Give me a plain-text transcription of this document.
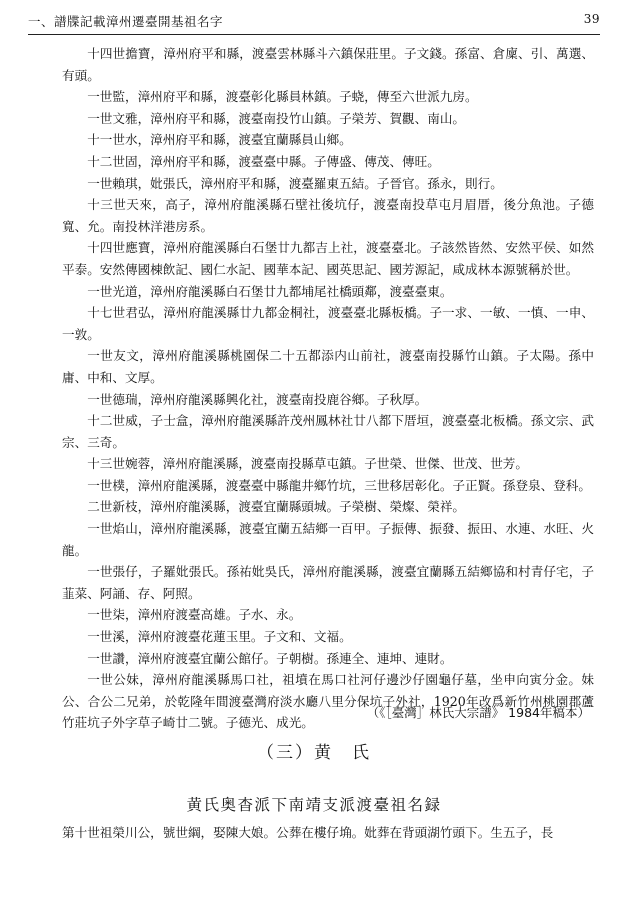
一、譜牒記載漳州遷臺開基祖名字	39

十四世擔寶，漳州府平和縣，渡臺雲林縣斗六鎮保莊里。子文錢。孫富、倉廩、引、萬選、有頭。

一世監，漳州府平和縣，渡臺彰化縣員林鎮。子蛲，傳至六世派九房。

一世文雅，漳州府平和縣，渡臺南投竹山鎮。子榮芳、賀觀、南山。

十一世水，漳州府平和縣，渡臺宜蘭縣員山鄉。

十二世固，漳州府平和縣，渡臺臺中縣。子傳盛、傳茂、傳旺。

一世賴琪，妣張氏，漳州府平和縣，渡臺羅東五結。子晉官。孫永，則行。

十三世天來，高子，漳州府龍溪縣石壁社後坑仔，渡臺南投草屯月眉厝，後分魚池。子德寬、允。南投林洋港房系。

十四世應寶，漳州府龍溪縣白石堡廿九都吉上社，渡臺臺北。子該然皆然、安然平侯、如然平泰。安然傳國棟飲記、國仁水記、國華本記、國英思記、國芳源記，咸成林本源號稱於世。

一世光道，漳州府龍溪縣白石堡廿九都埔尾社橋頭鄰，渡臺臺東。

十七世君弘，漳州府龍溪縣廿九都金桐社，渡臺臺北縣板橋。子一求、一敏、一慎、一申、一敦。

一世友文，漳州府龍溪縣桃園保二十五都添内山前社，渡臺南投縣竹山鎮。子太陽。孫中庸、中和、文厚。

一世德瑞，漳州府龍溪縣興化社，渡臺南投鹿谷鄉。子秋厚。

十二世威，子士盒，漳州府龍溪縣許茂州鳳林社廿八都下厝垣，渡臺臺北板橋。孫文宗、武宗、三奇。

十三世婉蓉，漳州府龍溪縣，渡臺南投縣草屯鎮。子世榮、世傑、世茂、世芳。

一世樸，漳州府龍溪縣，渡臺臺中縣龍井鄉竹坑，三世移居彰化。子正賢。孫登泉、登科。

二世新枝，漳州府龍溪縣，渡臺宜蘭縣頭城。子榮樹、榮燦、榮祥。

一世焰山，漳州府龍溪縣，渡臺宜蘭五結鄉一百甲。子振傳、振發、振田、水連、水旺、火龍。

一世張仔，子羅妣張氏。孫祐妣吳氏，漳州府龍溪縣，渡臺宜蘭縣五結鄉協和村青仔宅，子韮菜、阿誦、存、阿照。

一世柒，漳州府渡臺高雄。子水、永。

一世溪，漳州府渡臺花蓮玉里。子文和、文福。

一世讚，漳州府渡臺宜蘭公館仔。子朝樹。孫連全、連坤、連財。

一世公妹，漳州府龍溪縣馬口社，祖墳在馬口社河仔邊沙仔園龜仔墓，坐申向寅分金。妹公、合公二兄弟，於乾隆年間渡臺灣府淡水廳八里分保坑子外社，1920年改爲新竹州桃園郡蘆竹莊坑子外字草子崎廿二號。子德光、成光。

（《［臺灣］林氏大宗譜》 1984年稿本）
（三）黄　氏
黄氏奥杳派下南靖支派渡臺祖名録
第十世祖榮川公，號世綱，娶陳大娘。公葬在樓仔埆。妣葬在背頭湖竹頭下。生五子，長
